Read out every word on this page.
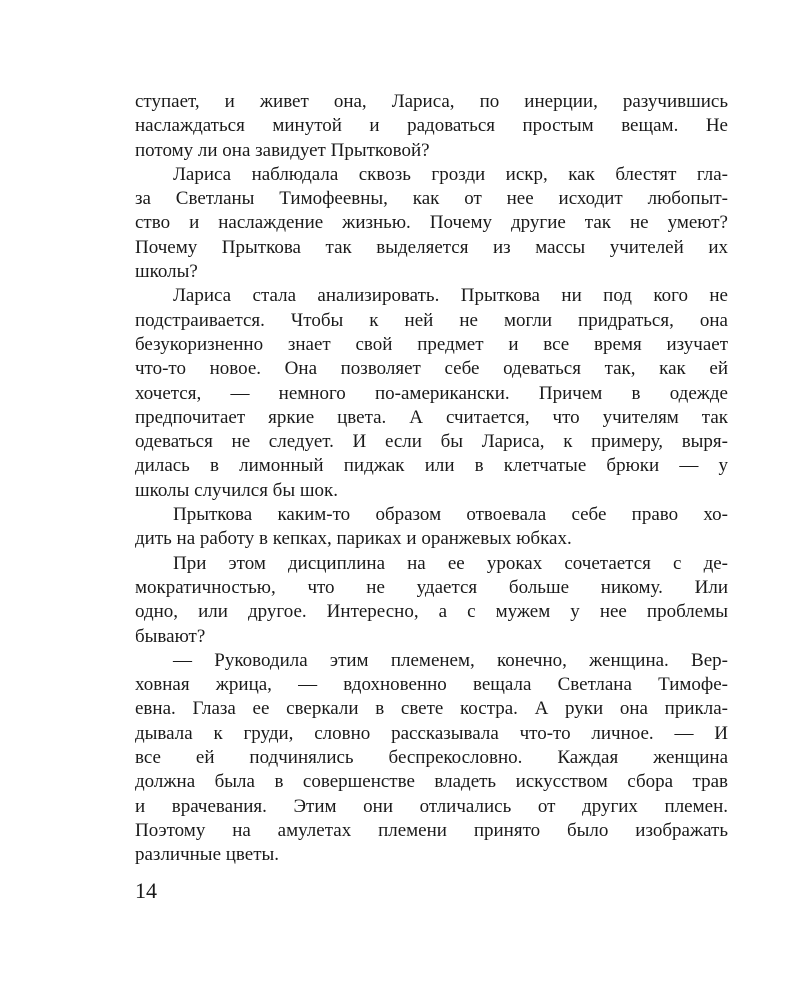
ступает, и живет она, Лариса, по инерции, разучившись
наслаждаться минутой и радоваться простым вещам. Не
потому ли она завидует Прытковой?
Лариса наблюдала сквозь грозди искр, как блестят гла-
за Светланы Тимофеевны, как от нее исходит любопыт-
ство и наслаждение жизнью. Почему другие так не умеют?
Почему Прыткова так выделяется из массы учителей их
школы?
Лариса стала анализировать. Прыткова ни под кого не
подстраивается. Чтобы к ней не могли придраться, она
безукоризненно знает свой предмет и все время изучает
что-то новое. Она позволяет себе одеваться так, как ей
хочется, — немного по-американски. Причем в одежде
предпочитает яркие цвета. А считается, что учителям так
одеваться не следует. И если бы Лариса, к примеру, выря-
дилась в лимонный пиджак или в клетчатые брюки — у
школы случился бы шок.
Прыткова каким-то образом отвоевала себе право хо-
дить на работу в кепках, париках и оранжевых юбках.
При этом дисциплина на ее уроках сочетается с де-
мократичностью, что не удается больше никому. Или
одно, или другое. Интересно, а с мужем у нее проблемы
бывают?
— Руководила этим племенем, конечно, женщина. Вер-
ховная жрица, — вдохновенно вещала Светлана Тимофе-
евна. Глаза ее сверкали в свете костра. А руки она прикла-
дывала к груди, словно рассказывала что-то личное. — И
все ей подчинялись беспрекословно. Каждая женщина
должна была в совершенстве владеть искусством сбора трав
и врачевания. Этим они отличались от других племен.
Поэтому на амулетах племени принято было изображать
различные цветы.
14
